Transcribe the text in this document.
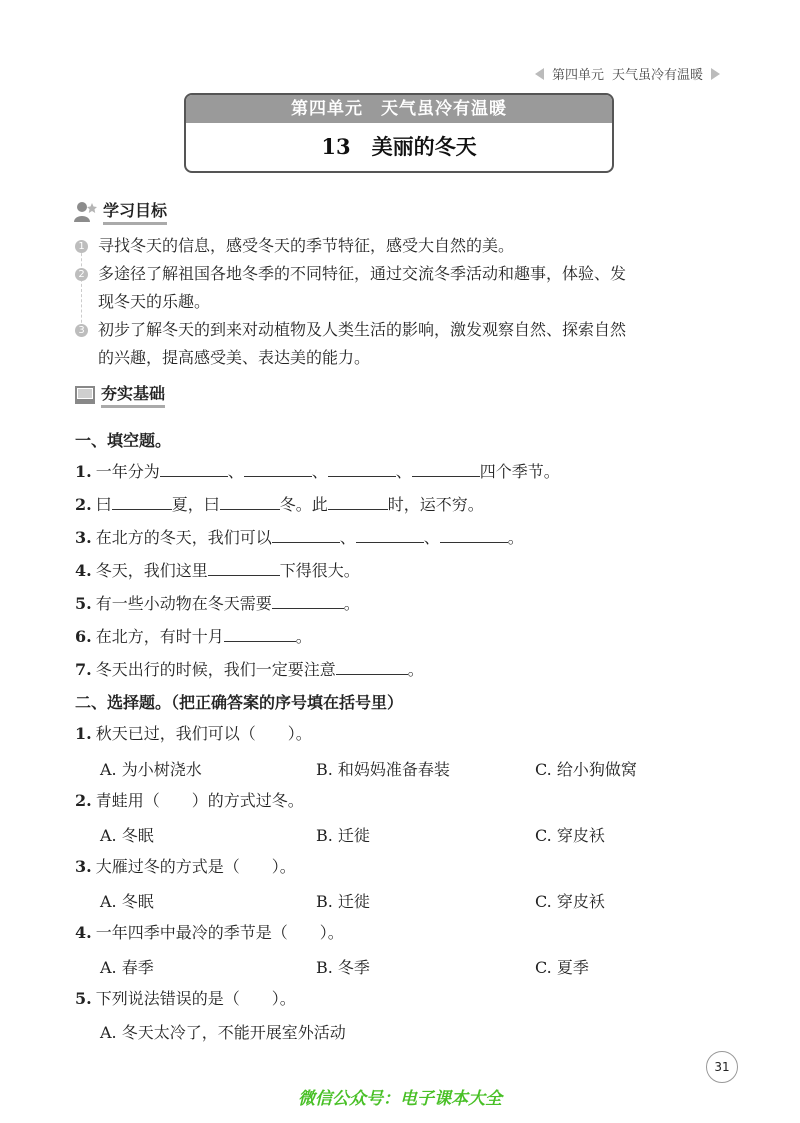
第四单元 天气虽冷有温暖
第四单元　天气虽冷有温暖
13　美丽的冬天
学习目标
1 寻找冬天的信息，感受冬天的季节特征，感受大自然的美。
2 多途径了解祖国各地冬季的不同特征，通过交流冬季活动和趣事，体验、发
现冬天的乐趣。
3 初步了解冬天的到来对动植物及人类生活的影响，激发观察自然、探索自然
的兴趣，提高感受美、表达美的能力。
夯实基础
一、填空题。
1. 一年分为	、	、	、	四个季节。
2. 曰	夏，曰	冬。此	时，运不穷。
3. 在北方的冬天，我们可以	、	、	。
4. 冬天，我们这里	下得很大。
5. 有一些小动物在冬天需要	。
6. 在北方，有时十月	。
7. 冬天出行的时候，我们一定要注意	。
二、选择题。（把正确答案的序号填在括号里）
1. 秋天已过，我们可以（　　）。
A. 为小树浇水	B. 和妈妈准备春装	C. 给小狗做窝
2. 青蛙用（　　）的方式过冬。
A. 冬眠	B. 迁徙	C. 穿皮袄
3. 大雁过冬的方式是（　　）。
A. 冬眠	B. 迁徙	C. 穿皮袄
4. 一年四季中最冷的季节是（　　）。
A. 春季	B. 冬季	C. 夏季
5. 下列说法错误的是（　　）。
A. 冬天太冷了，不能开展室外活动
31
微信公众号：电子课本大全
